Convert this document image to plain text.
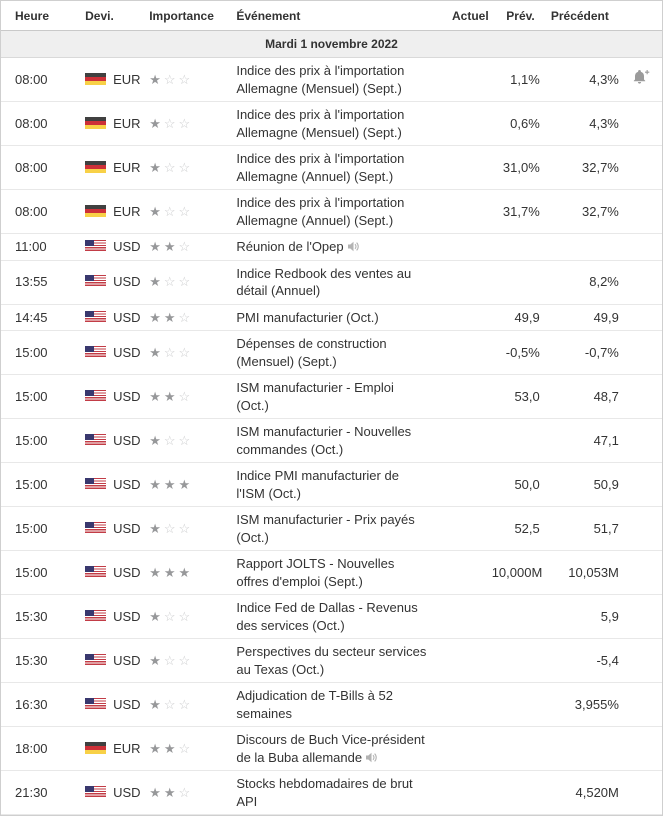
Heure	Devi.	Importance	Événement	Actuel	Prév.	Précédent	
Mardi 1 novembre 2022							
08:00	EUR	★ ☆ ☆	Indice des prix à l'importation
Allemagne (Mensuel) (Sept.)		1,1%	4,3%	
08:00	EUR	★ ☆ ☆	Indice des prix à l'importation
Allemagne (Mensuel) (Sept.)		0,6%	4,3%	
08:00	EUR	★ ☆ ☆	Indice des prix à l'importation
Allemagne (Annuel) (Sept.)		31,0%	32,7%	
08:00	EUR	★ ☆ ☆	Indice des prix à l'importation
Allemagne (Annuel) (Sept.)		31,7%	32,7%	
11:00	USD	★ ★ ☆	Réunion de l'Opep				
13:55	USD	★ ☆ ☆	Indice Redbook des ventes au
détail (Annuel)			8,2%	
14:45	USD	★ ★ ☆	PMI manufacturier (Oct.)		49,9	49,9	
15:00	USD	★ ☆ ☆	Dépenses de construction
(Mensuel) (Sept.)		-0,5%	-0,7%	
15:00	USD	★ ★ ☆	ISM manufacturier - Emploi
(Oct.)		53,0	48,7	
15:00	USD	★ ☆ ☆	ISM manufacturier - Nouvelles
commandes (Oct.)			47,1	
15:00	USD	★ ★ ★	Indice PMI manufacturier de
l'ISM (Oct.)		50,0	50,9	
15:00	USD	★ ☆ ☆	ISM manufacturier - Prix payés
(Oct.)		52,5	51,7	
15:00	USD	★ ★ ★	Rapport JOLTS - Nouvelles
offres d'emploi (Sept.)		10,000M	10,053M	
15:30	USD	★ ☆ ☆	Indice Fed de Dallas - Revenus
des services (Oct.)			5,9	
15:30	USD	★ ☆ ☆	Perspectives du secteur services
au Texas (Oct.)			-5,4	
16:30	USD	★ ☆ ☆	Adjudication de T-Bills à 52
semaines			3,955%	
18:00	EUR	★ ★ ☆	Discours de Buch Vice-président
de la Buba allemande				
21:30	USD	★ ★ ☆	Stocks hebdomadaires de brut
API			4,520M	
